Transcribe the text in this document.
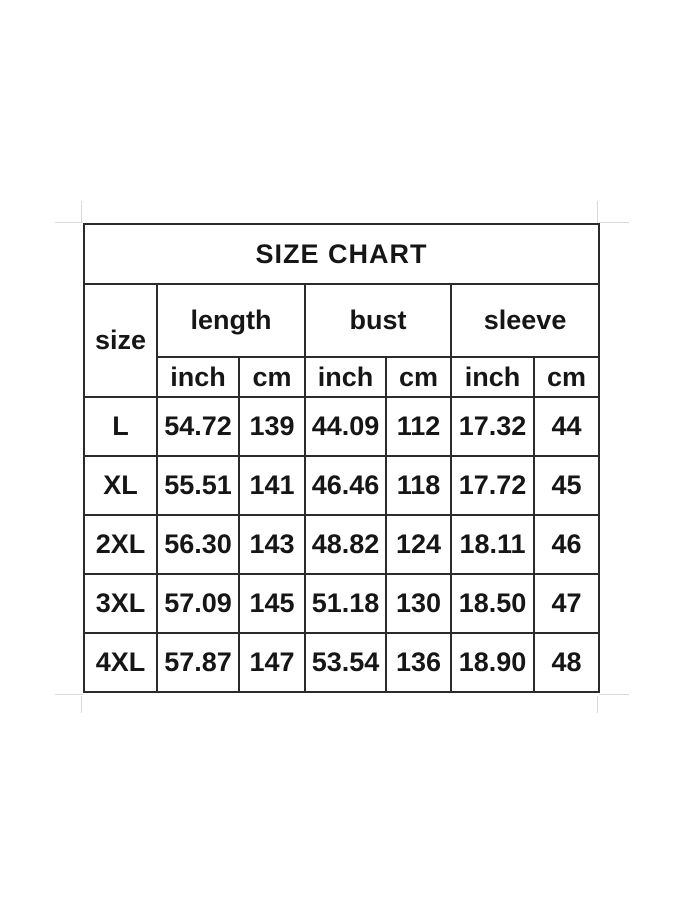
SIZE CHART						
size	length		bust		sleeve	
	inch	cm	inch	cm	inch	cm
L	54.72	139	44.09	112	17.32	44
XL	55.51	141	46.46	118	17.72	45
2XL	56.30	143	48.82	124	18.11	46
3XL	57.09	145	51.18	130	18.50	47
4XL	57.87	147	53.54	136	18.90	48
